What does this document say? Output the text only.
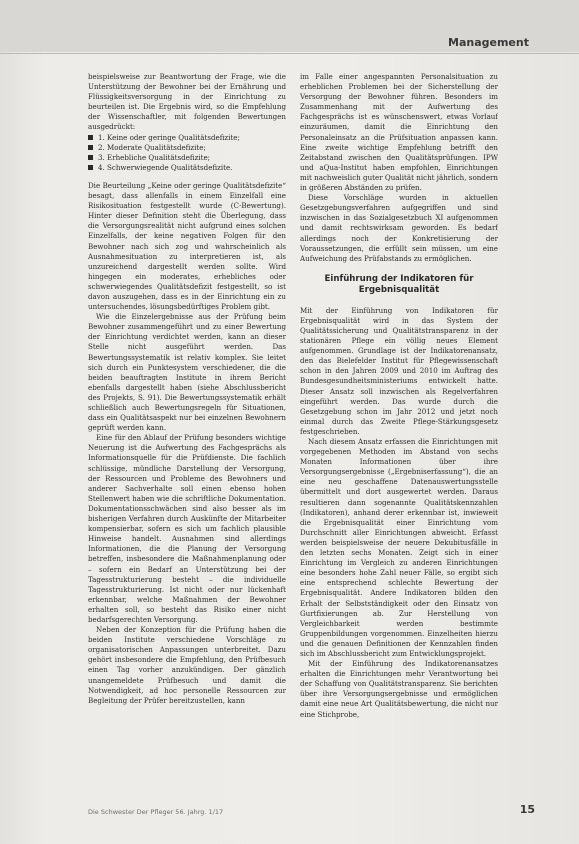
Management

beispielsweise zur Beantwortung der Frage, wie die Unterstützung der Bewohner bei der Ernährung und Flüssigkeitsversorgung in der Einrichtung zu beurteilen ist. Die Ergebnis wird, so die Empfehlung der Wissenschaftler, mit folgenden Bewertungen ausgedrückt:

1. Keine oder geringe Qualitätsdefizite;
2. Moderate Qualitätsdefizite;
3. Erhebliche Qualitätsdefizite;
4. Schwerwiegende Qualitätsdefizite.

Die Beurteilung „Keine oder geringe Qualitätsdefizite“ besagt, dass allenfalls in einem Einzelfall eine Risikosituation festgestellt wurde (C-Bewertung). Hinter dieser Definition steht die Überlegung, dass die Versorgungsrealität nicht aufgrund eines solchen Einzelfalls, der keine negativen Folgen für den Bewohner nach sich zog und wahrscheinlich als Ausnahmesituation zu interpretieren ist, als unzureichend dargestellt werden sollte. Wird hingegen ein moderates, erhebliches oder schwerwiegendes Qualitätsdefizit festgestellt, so ist davon auszugehen, dass es in der Einrichtung ein zu untersuchendes, lösungsbedürftiges Problem gibt.

Wie die Einzelergebnisse aus der Prüfung beim Bewohner zusammengeführt und zu einer Bewertung der Einrichtung verdichtet werden, kann an dieser Stelle nicht ausgeführt werden. Das Bewertungssystematik ist relativ komplex. Sie leitet sich durch ein Punktesystem verschiedener, die die beiden beauftragten Institute in ihrem Bericht ebenfalls dargestellt haben (siehe Abschlussbericht des Projekts, S. 91). Die Bewertungssystematik erhält schließlich auch Bewertungsregeln für Situationen, dass ein Qualitätsaspekt nur bei einzelnen Bewohnern geprüft werden kann.

Eine für den Ablauf der Prüfung besonders wichtige Neuerung ist die Aufwertung des Fachgesprächs als Informationsquelle für die Prüfdienste. Die fachlich schlüssige, mündliche Darstellung der Versorgung, der Ressourcen und Probleme des Bewohners und anderer Sachverhalte soll einen ebenso hohen Stellenwert haben wie die schriftliche Dokumentation. Dokumentationsschwächen sind also besser als im bisherigen Verfahren durch Auskünfte der Mitarbeiter kompensierbar, sofern es sich um fachlich plausible Hinweise handelt. Ausnahmen sind allerdings Informationen, die die Planung der Versorgung betreffen, insbesondere die Maßnahmenplanung oder – sofern ein Bedarf an Unterstützung bei der Tagesstrukturierung besteht – die individuelle Tagesstrukturierung. Ist nicht oder nur lückenhaft erkennbar, welche Maßnahmen der Bewohner erhalten soll, so besteht das Risiko einer nicht bedarfsgerechten Versorgung.

Neben der Konzeption für die Prüfung haben die beiden Institute verschiedene Vorschläge zu organisatorischen Anpassungen unterbreitet. Dazu gehört insbesondere die Empfehlung, den Prüfbesuch einen Tag vorher anzukündigen. Der gänzlich unangemeldete Prüfbesuch und damit die Notwendigkeit, ad hoc personelle Ressourcen zur Begleitung der Prüfer bereitzustellen, kann

im Falle einer angespannten Personalsituation zu erheblichen Problemen bei der Sicherstellung der Versorgung der Bewohner führen. Besonders im Zusammenhang mit der Aufwertung des Fachgesprächs ist es wünschenswert, etwas Vorlauf einzuräumen, damit die Einrichtung den Personaleinsatz an die Prüfsituation anpassen kann. Eine zweite wichtige Empfehlung betrifft den Zeitabstand zwischen den Qualitätsprüfungen. IPW und aQua-Institut haben empfohlen, Einrichtungen mit nachweislich guter Qualität nicht jährlich, sondern in größeren Abständen zu prüfen.

Diese Vorschläge wurden in aktuellen Gesetzgebungsverfahren aufgegriffen und sind inzwischen in das Sozialgesetzbuch XI aufgenommen und damit rechtswirksam geworden. Es bedarf allerdings noch der Konkretisierung der Voraussetzungen, die erfüllt sein müssen, um eine Aufweichung des Prüfabstands zu ermöglichen.

Einführung der Indikatoren für Ergebnisqualität

Mit der Einführung von Indikatoren für Ergebnisqualität wird in das System der Qualitätssicherung und Qualitätstransparenz in der stationären Pflege ein völlig neues Element aufgenommen. Grundlage ist der Indikatorenansatz, den das Bielefelder Institut für Pflegewissenschaft schon in den Jahren 2009 und 2010 im Auftrag des Bundesgesundheitsministeriums entwickelt hatte. Dieser Ansatz soll inzwischen als Regelverfahren eingeführt werden. Das wurde durch die Gesetzgebung schon im Jahr 2012 und jetzt noch einmal durch das Zweite Pflege-Stärkungsgesetz festgeschrieben.

Nach diesem Ansatz erfassen die Einrichtungen mit vorgegebenen Methoden im Abstand von sechs Monaten Informationen über ihre Versorgungsergebnisse („Ergebniserfassung“), die an eine neu geschaffene Datenauswertungsstelle übermittelt und dort ausgewertet werden. Daraus resultieren dann sogenannte Qualitätskennzahlen (Indikatoren), anhand derer erkennbar ist, inwieweit die Ergebnisqualität einer Einrichtung vom Durchschnitt aller Einrichtungen abweicht. Erfasst werden beispielsweise der neuere Dekubitusfälle in den letzten sechs Monaten. Zeigt sich in einer Einrichtung im Vergleich zu anderen Einrichtungen eine besonders hohe Zahl neuer Fälle, so ergibt sich eine entsprechend schlechte Bewertung der Ergebnisqualität. Andere Indikatoren bilden den Erhalt der Selbstständigkeit oder den Einsatz von Gurtfixierungen ab. Zur Herstellung von Vergleichbarkeit werden bestimmte Gruppenbildungen vorgenommen. Einzelheiten hierzu und die genauen Definitionen der Kennzahlen finden sich im Abschlussbericht zum Entwicklungsprojekt.

Mit der Einführung des Indikatorenansatzes erhalten die Einrichtungen mehr Verantwortung bei der Schaffung von Qualitätstransparenz. Sie berichten über ihre Versorgungsergebnisse und ermöglichen damit eine neue Art Qualitätsbewertung, die nicht nur eine Stichprobe,

Die Schwester Der Pfleger 56. Jahrg. 1/17	15
